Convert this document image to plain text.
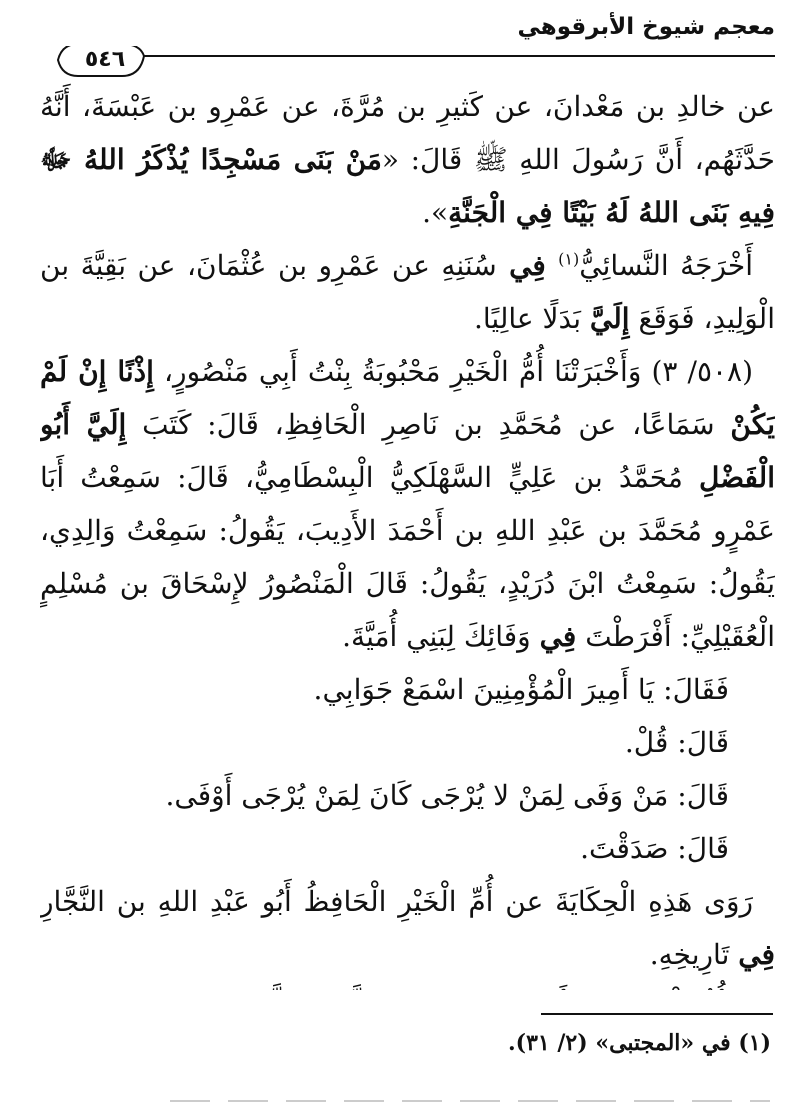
معجم شيوخ الأبرقوهي
٥٤٦

عن خالدِ بن مَعْدانَ، عن كَثيرِ بن مُرَّةَ، عن عَمْرِو بن عَبْسَةَ، أَنَّهُ حَدَّثَهُم، أَنَّ رَسُولَ اللهِ ﷺ قَالَ: «مَنْ بَنَى مَسْجِدًا يُذْكَرُ اللهُ ﷻ فِيهِ بَنَى اللهُ لَهُ بَيْتًا فِي الْجَنَّةِ».

أَخْرَجَهُ النَّسائِيُّ$^{(١)}$ فِي سُنَنِهِ عن عَمْرِو بن عُثْمَانَ، عن بَقِيَّةَ بن الْوَلِيدِ، فَوَقَعَ إِلَيَّ بَدَلًا عالِيًا.

(٥٠٨/ ٣) وَأَخْبَرَتْنَا أُمُّ الْخَيْرِ مَحْبُوبَةُ بِنْتُ أَبِي مَنْصُورٍ، إِذْنًا إِنْ لَمْ يَكُنْ سَمَاعًا، عن مُحَمَّدِ بن نَاصِرِ الْحَافِظِ، قَالَ: كَتَبَ إِلَيَّ أَبُو الْفَضْلِ مُحَمَّدُ بن عَلِيٍّ السَّهْلَكِيُّ الْبِسْطَامِيُّ، قَالَ: سَمِعْتُ أَبَا عَمْرٍو مُحَمَّدَ بن عَبْدِ اللهِ بن أَحْمَدَ الأَدِيبَ، يَقُولُ: سَمِعْتُ وَالِدِي، يَقُولُ: سَمِعْتُ ابْنَ دُرَيْدٍ، يَقُولُ: قَالَ الْمَنْصُورُ لإِسْحَاقَ بن مُسْلِمٍ الْعُقَيْلِيِّ: أَفْرَطْتَ فِي وَفَائِكَ لِبَنِي أُمَيَّةَ.

فَقَالَ: يَا أَمِيرَ الْمُؤْمِنِينَ اسْمَعْ جَوَابِي.

قَالَ: قُلْ.

قَالَ: مَنْ وَفَى لِمَنْ لا يُرْجَى كَانَ لِمَنْ يُرْجَى أَوْفَى.

قَالَ: صَدَقْتَ.

رَوَى هَذِهِ الْحِكَايَةَ عن أُمِّ الْخَيْرِ الْحَافِظُ أَبُو عَبْدِ اللهِ بن النَّجَّارِ فِي تَارِيخِهِ.

(١) في «المجتبى» (٢/ ٣١).
